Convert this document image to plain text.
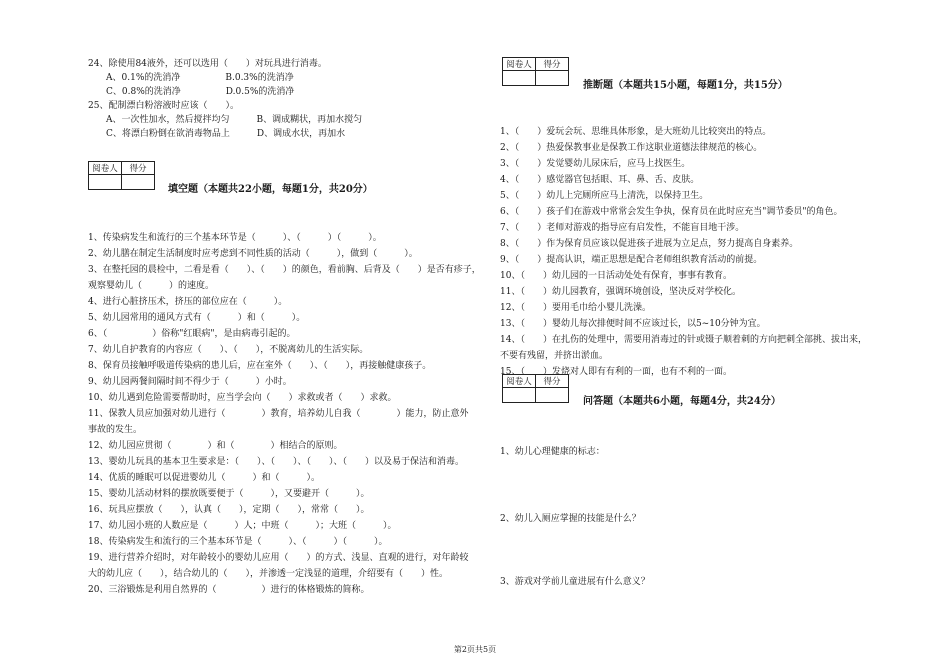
24、除使用84液外，还可以选用（　　）对玩具进行消毒。
A、0.1%的洗消净　　　　　B.0.3%的洗消净
C、0.8%的洗消净　　　　　D.0.5%的洗消净
25、配制漂白粉溶液时应该（　　）。
A、一次性加水，然后搅拌均匀　　　B、调成糊状，再加水搅匀
C、将漂白粉倒在欲消毒物品上　　　D、调成水状，再加水
阅卷人	得分

填空题（本题共22小题，每题1分，共20分）
1、传染病发生和流行的三个基本环节是（　　　）、（　　　）（　　　）。
2、幼儿膳在制定生活制度时应考虑到不同性质的活动（　　　），做到（　　　）。
3、在整托园的晨检中，二看是看（　　）、（　　）的颜色，看前胸、后背及（　　）是否有疹子，
观察婴幼儿（　　　）的速度。
4、进行心脏挤压术，挤压的部位应在（　　　）。
5、幼儿园常用的通风方式有（　　　）和（　　　）。
6、（　　　　　）俗称"红眼病"，是由病毒引起的。
7、幼儿自护教育的内容应（　　）、（　　），不脱离幼儿的生活实际。
8、保育员接触呼吸道传染病的患儿后，应在室外（　　）、（　　），再接触健康孩子。
9、幼儿园两餐间隔时间不得少于（　　　）小时。
10、幼儿遇到危险需要帮助时，应当学会向（　　）求救或者（　　）求救。
11、保教人员应加强对幼儿进行（　　　　）教育，培养幼儿自我（　　　　）能力，防止意外
事故的发生。
12、幼儿园应贯彻（　　　　）和（　　　　）相结合的原则。
13、婴幼儿玩具的基本卫生要求是：（　　）、（　　）、（　　）、（　　）以及易于保洁和消毒。
14、优质的睡眠可以促进婴幼儿（　　　）和（　　　）。
15、婴幼儿活动材料的摆放既要便于（　　　），又要避开（　　　）。
16、玩具应摆放（　　），认真（　　），定期（　　），常常（　　）。
17、幼儿园小班的人数应是（　　　）人；中班（　　　）；大班（　　　）。
18、传染病发生和流行的三个基本环节是（　　　）、（　　　）（　　　）。
19、进行营养介绍时，对年龄较小的婴幼儿应用（　　）的方式、浅显、直观的进行，对年龄较
大的幼儿应（　　），结合幼儿的（　　），并渗透一定浅显的道理，介绍要有（　　）性。
20、三浴锻炼是利用自然界的（　　　　　）进行的体格锻炼的简称。
阅卷人	得分

推断题（本题共15小题，每题1分，共15分）
1、（　　）爱玩会玩、思维具体形象，是大班幼儿比较突出的特点。
2、（　　）热爱保教事业是保教工作这职业道德法律规范的核心。
3、（　　）发觉婴幼儿尿床后，应马上找医生。
4、（　　）感觉器官包括眼、耳、鼻、舌、皮肤。
5、（　　）幼儿上完厕所应马上清洗，以保持卫生。
6、（　　）孩子们在游戏中常常会发生争执，保育员在此时应充当"调节委员"的角色。
7、（　　）老师对游戏的指导应有启发性，不能盲目地干涉。
8、（　　）作为保育员应该以促进孩子进展为立足点，努力提高自身素养。
9、（　　）提高认识，端正思想是配合老师组织教育活动的前提。
10、（　　）幼儿园的一日活动处处有保育，事事有教育。
11、（　　）幼儿园教育，强调环境创设，坚决反对学校化。
12、（　　）要用毛巾给小婴儿洗澡。
13、（　　）婴幼儿每次排便时间不应该过长，以5~10分钟为宜。
14、（　　）在扎伤的处理中，需要用消毒过的针或镊子顺着刺的方向把刺全部挑、拔出来，
不要有残留，并挤出淤血。
15、（　　）发烧对人即有有利的一面，也有不利的一面。
阅卷人	得分

问答题（本题共6小题，每题4分，共24分）
1、幼儿心理健康的标志：
2、幼儿入厕应掌握的技能是什么？
3、游戏对学前儿童进展有什么意义？
第2页共5页
